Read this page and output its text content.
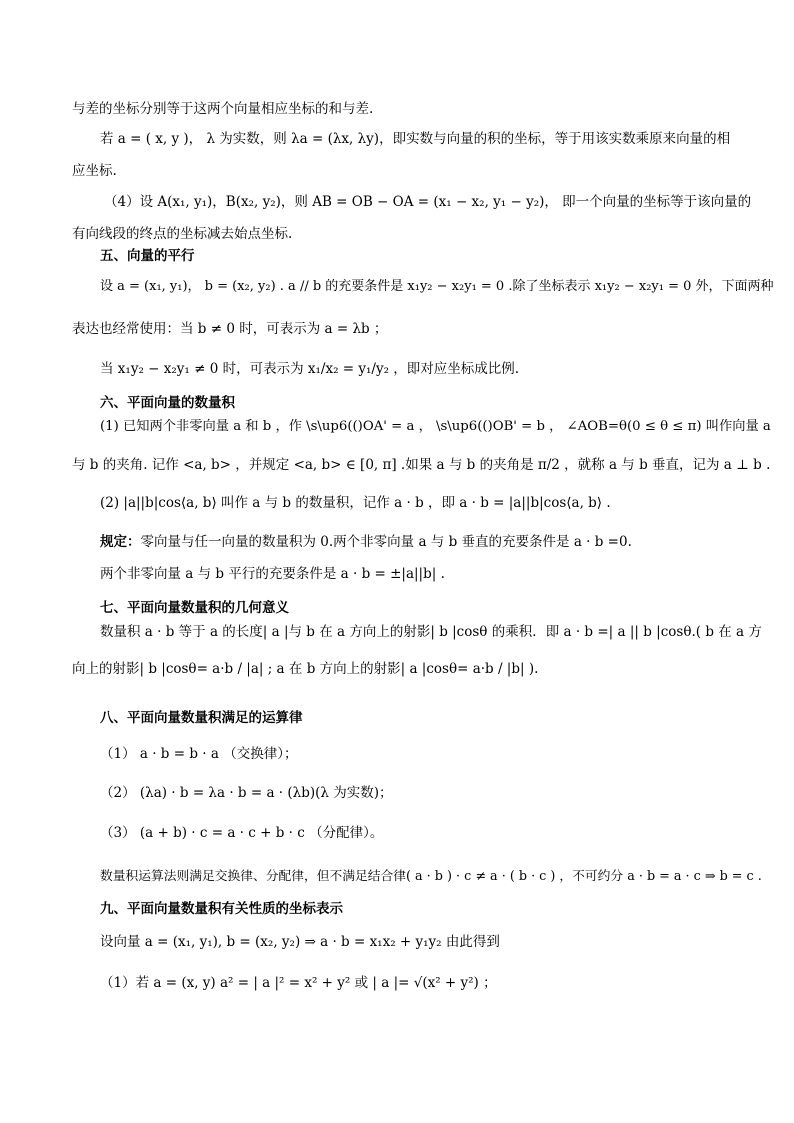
与差的坐标分别等于这两个向量相应坐标的和与差.
若 a = ( x, y )， λ 为实数，则 λa = (λx, λy)，即实数与向量的积的坐标，等于用该实数乘原来向量的相
应坐标.
（4）设 A(x₁, y₁)，B(x₂, y₂)，则 AB = OB − OA = (x₁ − x₂, y₁ − y₂)， 即一个向量的坐标等于该向量的
有向线段的终点的坐标减去始点坐标.
五、向量的平行
设 a = (x₁, y₁)， b = (x₂, y₂) . a // b 的充要条件是 x₁y₂ − x₂y₁ = 0 .除了坐标表示 x₁y₂ − x₂y₁ = 0 外，下面两种
表达也经常使用：当 b ≠ 0 时，可表示为 a = λb ；
当 x₁y₂ − x₂y₁ ≠ 0 时，可表示为 x₁/x₂ = y₁/y₂ ，即对应坐标成比例.
六、平面向量的数量积
(1) 已知两个非零向量 a 和 b ，作 \s\up6(()OA' = a ， \s\up6(()OB' = b ， ∠AOB=θ(0 ≤ θ ≤ π) 叫作向量 a
与 b 的夹角. 记作 <a, b> ，并规定 <a, b> ∈ [0, π] .如果 a 与 b 的夹角是 π/2 ，就称 a 与 b 垂直，记为 a ⊥ b .
(2) |a||b|cos⟨a, b⟩ 叫作 a 与 b 的数量积，记作 a · b ，即 a · b = |a||b|cos⟨a, b⟩ .
规定：零向量与任一向量的数量积为 0.两个非零向量 a 与 b 垂直的充要条件是 a · b =0.
两个非零向量 a 与 b 平行的充要条件是 a · b = ±|a||b| .
七、平面向量数量积的几何意义
数量积 a · b 等于 a 的长度| a |与 b 在 a 方向上的射影| b |cosθ 的乘积．即 a · b =| a || b |cosθ.( b 在 a 方
向上的射影| b |cosθ= a·b / |a| ; a 在 b 方向上的射影| a |cosθ= a·b / |b| ).
八、平面向量数量积满足的运算律
（1） a · b = b · a （交换律）；
（2） (λa) · b = λa · b = a · (λb)(λ 为实数)；
（3） (a + b) · c = a · c + b · c （分配律）。
数量积运算法则满足交换律、分配律，但不满足结合律( a · b ) · c ≠ a · ( b · c ) ，不可约分 a · b = a · c ⇒ b = c .
九、平面向量数量积有关性质的坐标表示
设向量 a = (x₁, y₁), b = (x₂, y₂) ⇒ a · b = x₁x₂ + y₁y₂ 由此得到
（1）若 a = (x, y) a² = | a |² = x² + y² 或 | a |= √(x² + y²) ；
